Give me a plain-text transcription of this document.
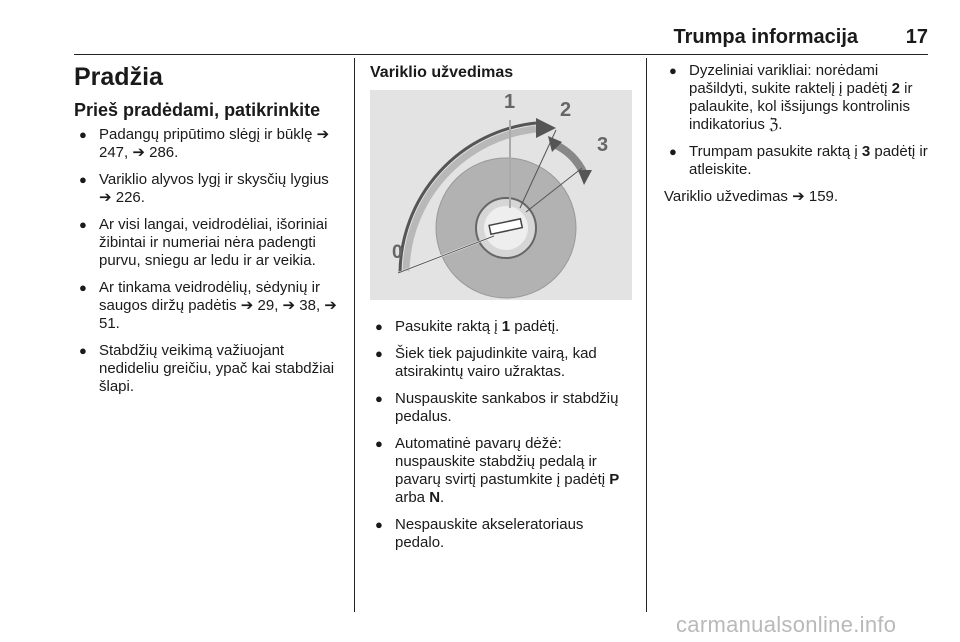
Trumpa informacija 17
Pradžia
Prieš pradėdami, patikrinkite
● Padangų pripūtimo slėgį ir būklę ➔ 247, ➔ 286.
● Variklio alyvos lygį ir skysčių lygius ➔ 226.
● Ar visi langai, veidrodėliai, išoriniai žibintai ir numeriai nėra padengti purvu, sniegu ar ledu ir ar veikia.
● Ar tinkama veidrodėlių, sėdynių ir saugos diržų padėtis ➔ 29, ➔ 38, ➔ 51.
● Stabdžių veikimą važiuojant nedideliu greičiu, ypač kai stabdžiai šlapi.
Variklio užvedimas
0
1 2
3
● Pasukite raktą į 1 padėtį.
● Šiek tiek pajudinkite vairą, kad atsirakintų vairo užraktas.
● Nuspauskite sankabos ir stabdžių pedalus.
● Automatinė pavarų dėžė: nuspauskite stabdžių pedalą ir pavarų svirtį pastumkite į padėtį P arba N.
● Nespauskite akseleratoriaus pedalo.
● Dyzeliniai varikliai: norėdami pašildyti, sukite raktelį į padėtį 2 ir palaukite, kol išsijungs kontrolinis indikatorius ℨ.
● Trumpam pasukite raktą į 3 padėtį ir atleiskite.

Variklio užvedimas ➔ 159.

carmanualsonline.info
